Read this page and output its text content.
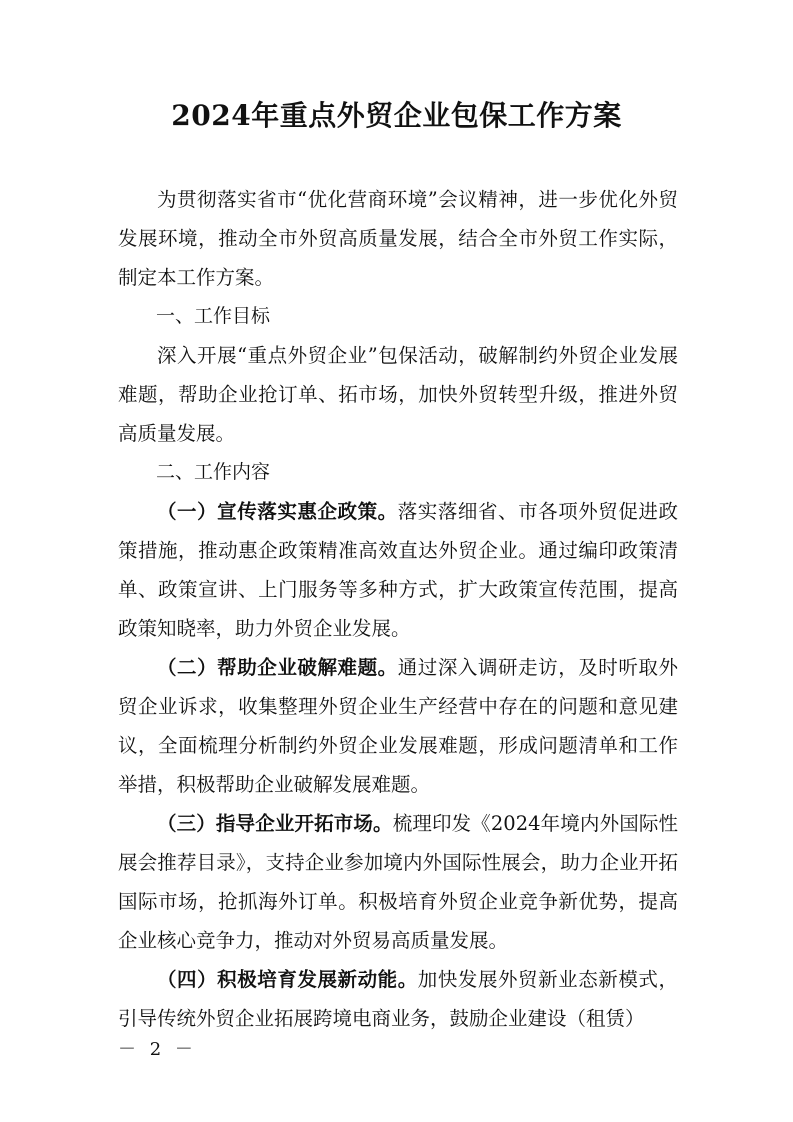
2024年重点外贸企业包保工作方案

为贯彻落实省市“优化营商环境”会议精神，进一步优化外贸发展环境，推动全市外贸高质量发展，结合全市外贸工作实际，制定本工作方案。

一、工作目标

深入开展“重点外贸企业”包保活动，破解制约外贸企业发展难题，帮助企业抢订单、拓市场，加快外贸转型升级，推进外贸高质量发展。

二、工作内容

（一）宣传落实惠企政策。落实落细省、市各项外贸促进政策措施，推动惠企政策精准高效直达外贸企业。通过编印政策清单、政策宣讲、上门服务等多种方式，扩大政策宣传范围，提高政策知晓率，助力外贸企业发展。

（二）帮助企业破解难题。通过深入调研走访，及时听取外贸企业诉求，收集整理外贸企业生产经营中存在的问题和意见建议，全面梳理分析制约外贸企业发展难题，形成问题清单和工作举措，积极帮助企业破解发展难题。

（三）指导企业开拓市场。梳理印发《2024年境内外国际性展会推荐目录》，支持企业参加境内外国际性展会，助力企业开拓国际市场，抢抓海外订单。积极培育外贸企业竞争新优势，提高企业核心竞争力，推动对外贸易高质量发展。

（四）积极培育发展新动能。加快发展外贸新业态新模式，引导传统外贸企业拓展跨境电商业务，鼓励企业建设（租赁）

－ 2 －
